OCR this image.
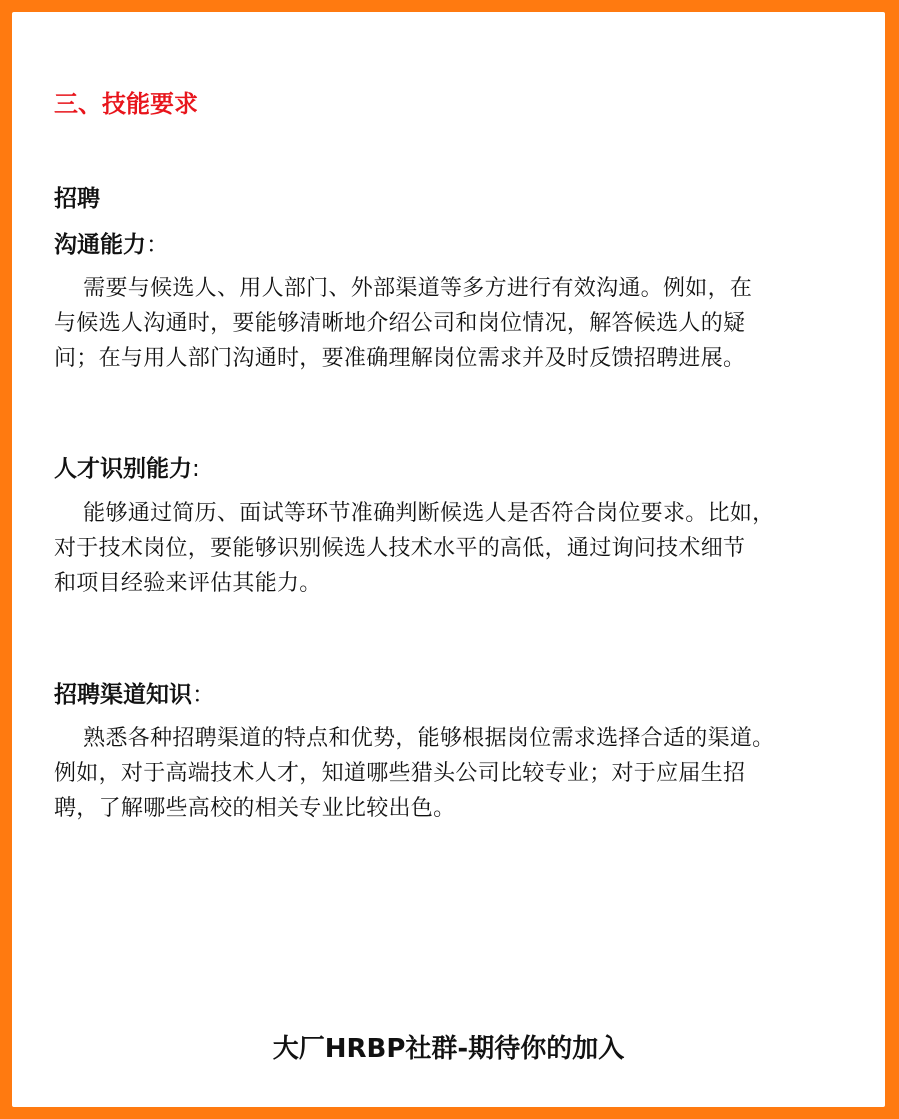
三、技能要求
招聘
沟通能力：

需要与候选人、用人部门、外部渠道等多方进行有效沟通。例如，在

与候选人沟通时，要能够清晰地介绍公司和岗位情况，解答候选人的疑

问；在与用人部门沟通时，要准确理解岗位需求并及时反馈招聘进展。

人才识别能力:

能够通过简历、面试等环节准确判断候选人是否符合岗位要求。比如，

对于技术岗位，要能够识别候选人技术水平的高低，通过询问技术细节

和项目经验来评估其能力。

招聘渠道知识：

熟悉各种招聘渠道的特点和优势，能够根据岗位需求选择合适的渠道。

例如，对于高端技术人才，知道哪些猎头公司比较专业；对于应届生招

聘，了解哪些高校的相关专业比较出色。

大厂HRBP社群-期待你的加入
